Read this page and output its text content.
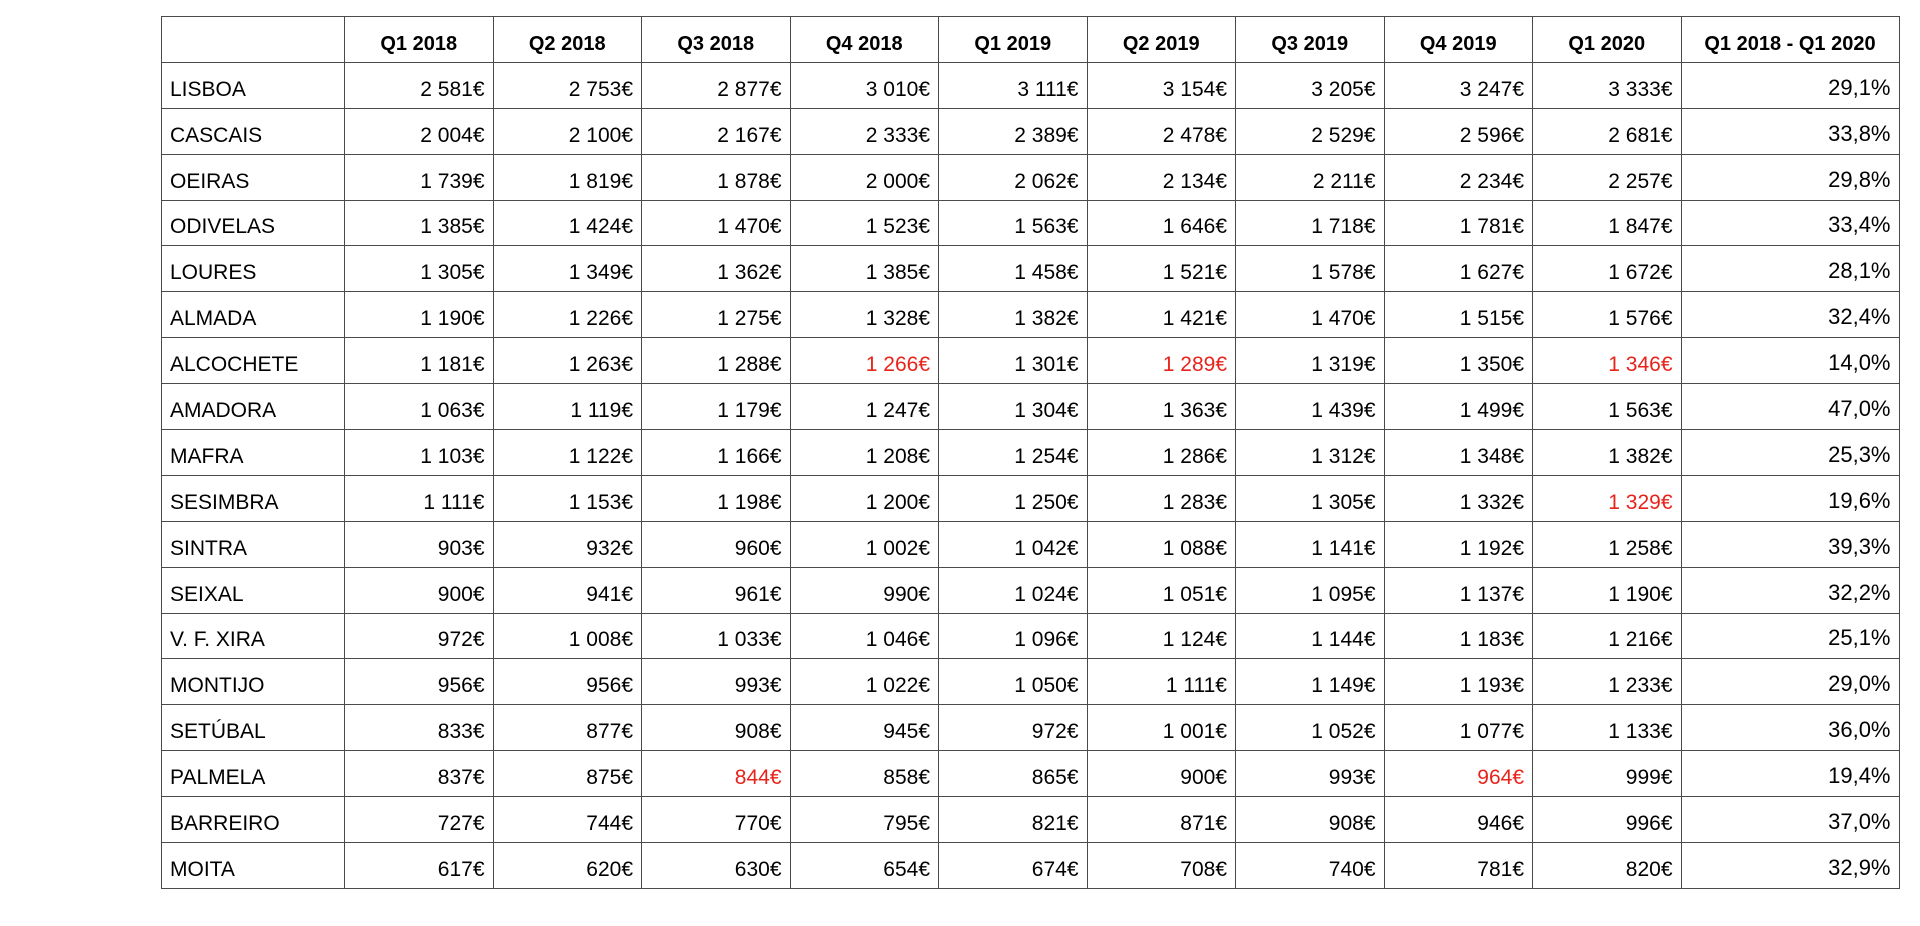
	Q1 2018	Q2 2018	Q3 2018	Q4 2018	Q1 2019	Q2 2019	Q3 2019	Q4 2019	Q1 2020	Q1 2018 - Q1 2020
LISBOA	2 581€	2 753€	2 877€	3 010€	3 111€	3 154€	3 205€	3 247€	3 333€	29,1%
CASCAIS	2 004€	2 100€	2 167€	2 333€	2 389€	2 478€	2 529€	2 596€	2 681€	33,8%
OEIRAS	1 739€	1 819€	1 878€	2 000€	2 062€	2 134€	2 211€	2 234€	2 257€	29,8%
ODIVELAS	1 385€	1 424€	1 470€	1 523€	1 563€	1 646€	1 718€	1 781€	1 847€	33,4%
LOURES	1 305€	1 349€	1 362€	1 385€	1 458€	1 521€	1 578€	1 627€	1 672€	28,1%
ALMADA	1 190€	1 226€	1 275€	1 328€	1 382€	1 421€	1 470€	1 515€	1 576€	32,4%
ALCOCHETE	1 181€	1 263€	1 288€	1 266€	1 301€	1 289€	1 319€	1 350€	1 346€	14,0%
AMADORA	1 063€	1 119€	1 179€	1 247€	1 304€	1 363€	1 439€	1 499€	1 563€	47,0%
MAFRA	1 103€	1 122€	1 166€	1 208€	1 254€	1 286€	1 312€	1 348€	1 382€	25,3%
SESIMBRA	1 111€	1 153€	1 198€	1 200€	1 250€	1 283€	1 305€	1 332€	1 329€	19,6%
SINTRA	903€	932€	960€	1 002€	1 042€	1 088€	1 141€	1 192€	1 258€	39,3%
SEIXAL	900€	941€	961€	990€	1 024€	1 051€	1 095€	1 137€	1 190€	32,2%
V. F. XIRA	972€	1 008€	1 033€	1 046€	1 096€	1 124€	1 144€	1 183€	1 216€	25,1%
MONTIJO	956€	956€	993€	1 022€	1 050€	1 111€	1 149€	1 193€	1 233€	29,0%
SETÚBAL	833€	877€	908€	945€	972€	1 001€	1 052€	1 077€	1 133€	36,0%
PALMELA	837€	875€	844€	858€	865€	900€	993€	964€	999€	19,4%
BARREIRO	727€	744€	770€	795€	821€	871€	908€	946€	996€	37,0%
MOITA	617€	620€	630€	654€	674€	708€	740€	781€	820€	32,9%
